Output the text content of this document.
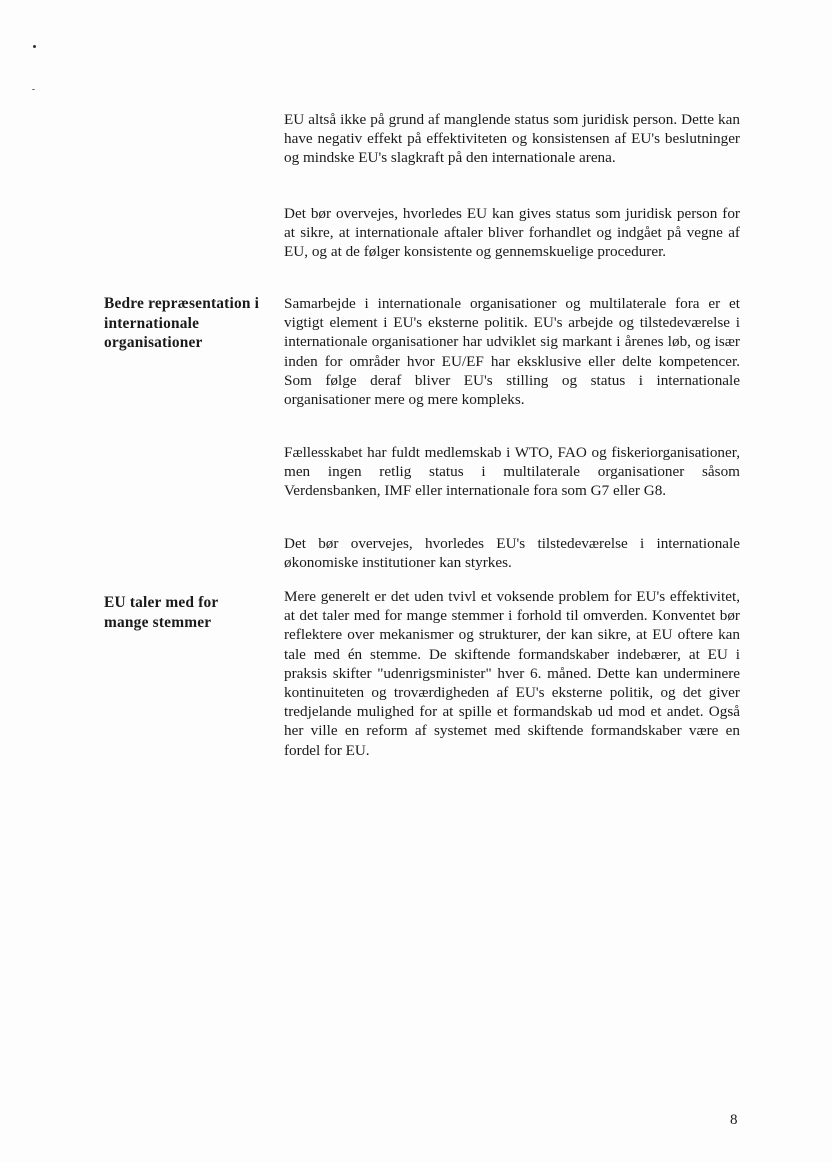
EU altså ikke på grund af manglende status som juridisk person. Dette kan have negativ effekt på effektiviteten og konsistensen af EU's beslutninger og mindske EU's slagkraft på den internationale arena.

Det bør overvejes, hvorledes EU kan gives status som juridisk person for at sikre, at internationale aftaler bliver forhandlet og indgået på vegne af EU, og at de følger konsistente og gennemskuelige procedurer.

Bedre repræsentation i internationale organisationer

Samarbejde i internationale organisationer og multilaterale fora er et vigtigt element i EU's eksterne politik. EU's arbejde og tilstedeværelse i internationale organisationer har udviklet sig markant i årenes løb, og især inden for områder hvor EU/EF har eksklusive eller delte kompetencer. Som følge deraf bliver EU's stilling og status i internationale organisationer mere og mere kompleks.

Fællesskabet har fuldt medlemskab i WTO, FAO og fiskeriorganisationer, men ingen retlig status i multilaterale organisationer såsom Verdensbanken, IMF eller internationale fora som G7 eller G8.

Det bør overvejes, hvorledes EU's tilstedeværelse i internationale økonomiske institutioner kan styrkes.

EU taler med for mange stemmer

Mere generelt er det uden tvivl et voksende problem for EU's effektivitet, at det taler med for mange stemmer i forhold til omverden. Konventet bør reflektere over mekanismer og strukturer, der kan sikre, at EU oftere kan tale med én stemme. De skiftende formandskaber indebærer, at EU i praksis skifter "udenrigsminister" hver 6. måned. Dette kan underminere kontinuiteten og troværdigheden af EU's eksterne politik, og det giver tredjelande mulighed for at spille et formandskab ud mod et andet. Også her ville en reform af systemet med skiftende formandskaber være en fordel for EU.

8
